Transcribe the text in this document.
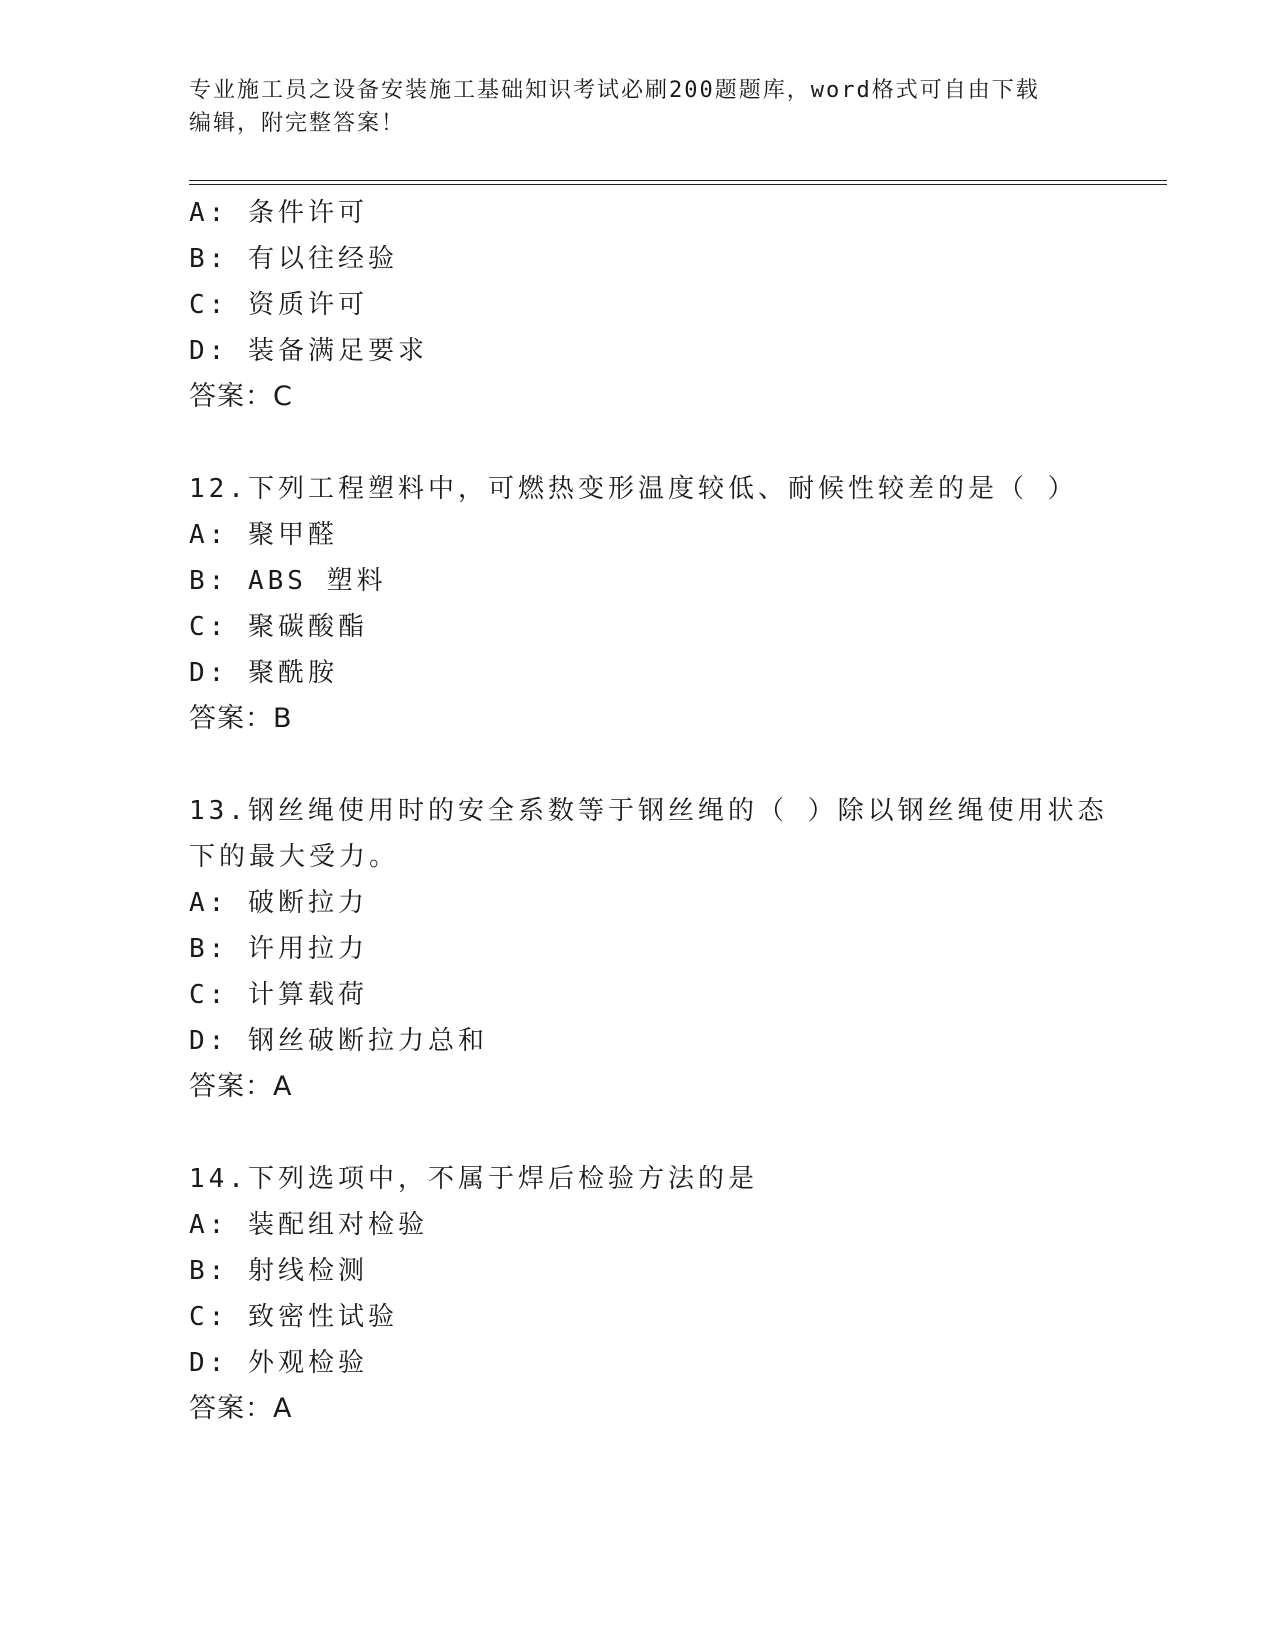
专业施工员之设备安装施工基础知识考试必刷200题题库，word格式可自由下载
编辑，附完整答案！
A: 条件许可
B: 有以往经验
C: 资质许可
D: 装备满足要求
答案：C
12.下列工程塑料中，可燃热变形温度较低、耐候性较差的是（ ）
A: 聚甲醛
B: ABS 塑料
C: 聚碳酸酯
D: 聚酰胺
答案：B
13.钢丝绳使用时的安全系数等于钢丝绳的（ ）除以钢丝绳使用状态
下的最大受力。
A: 破断拉力
B: 许用拉力
C: 计算载荷
D: 钢丝破断拉力总和
答案：A
14.下列选项中，不属于焊后检验方法的是
A: 装配组对检验
B: 射线检测
C: 致密性试验
D: 外观检验
答案：A
